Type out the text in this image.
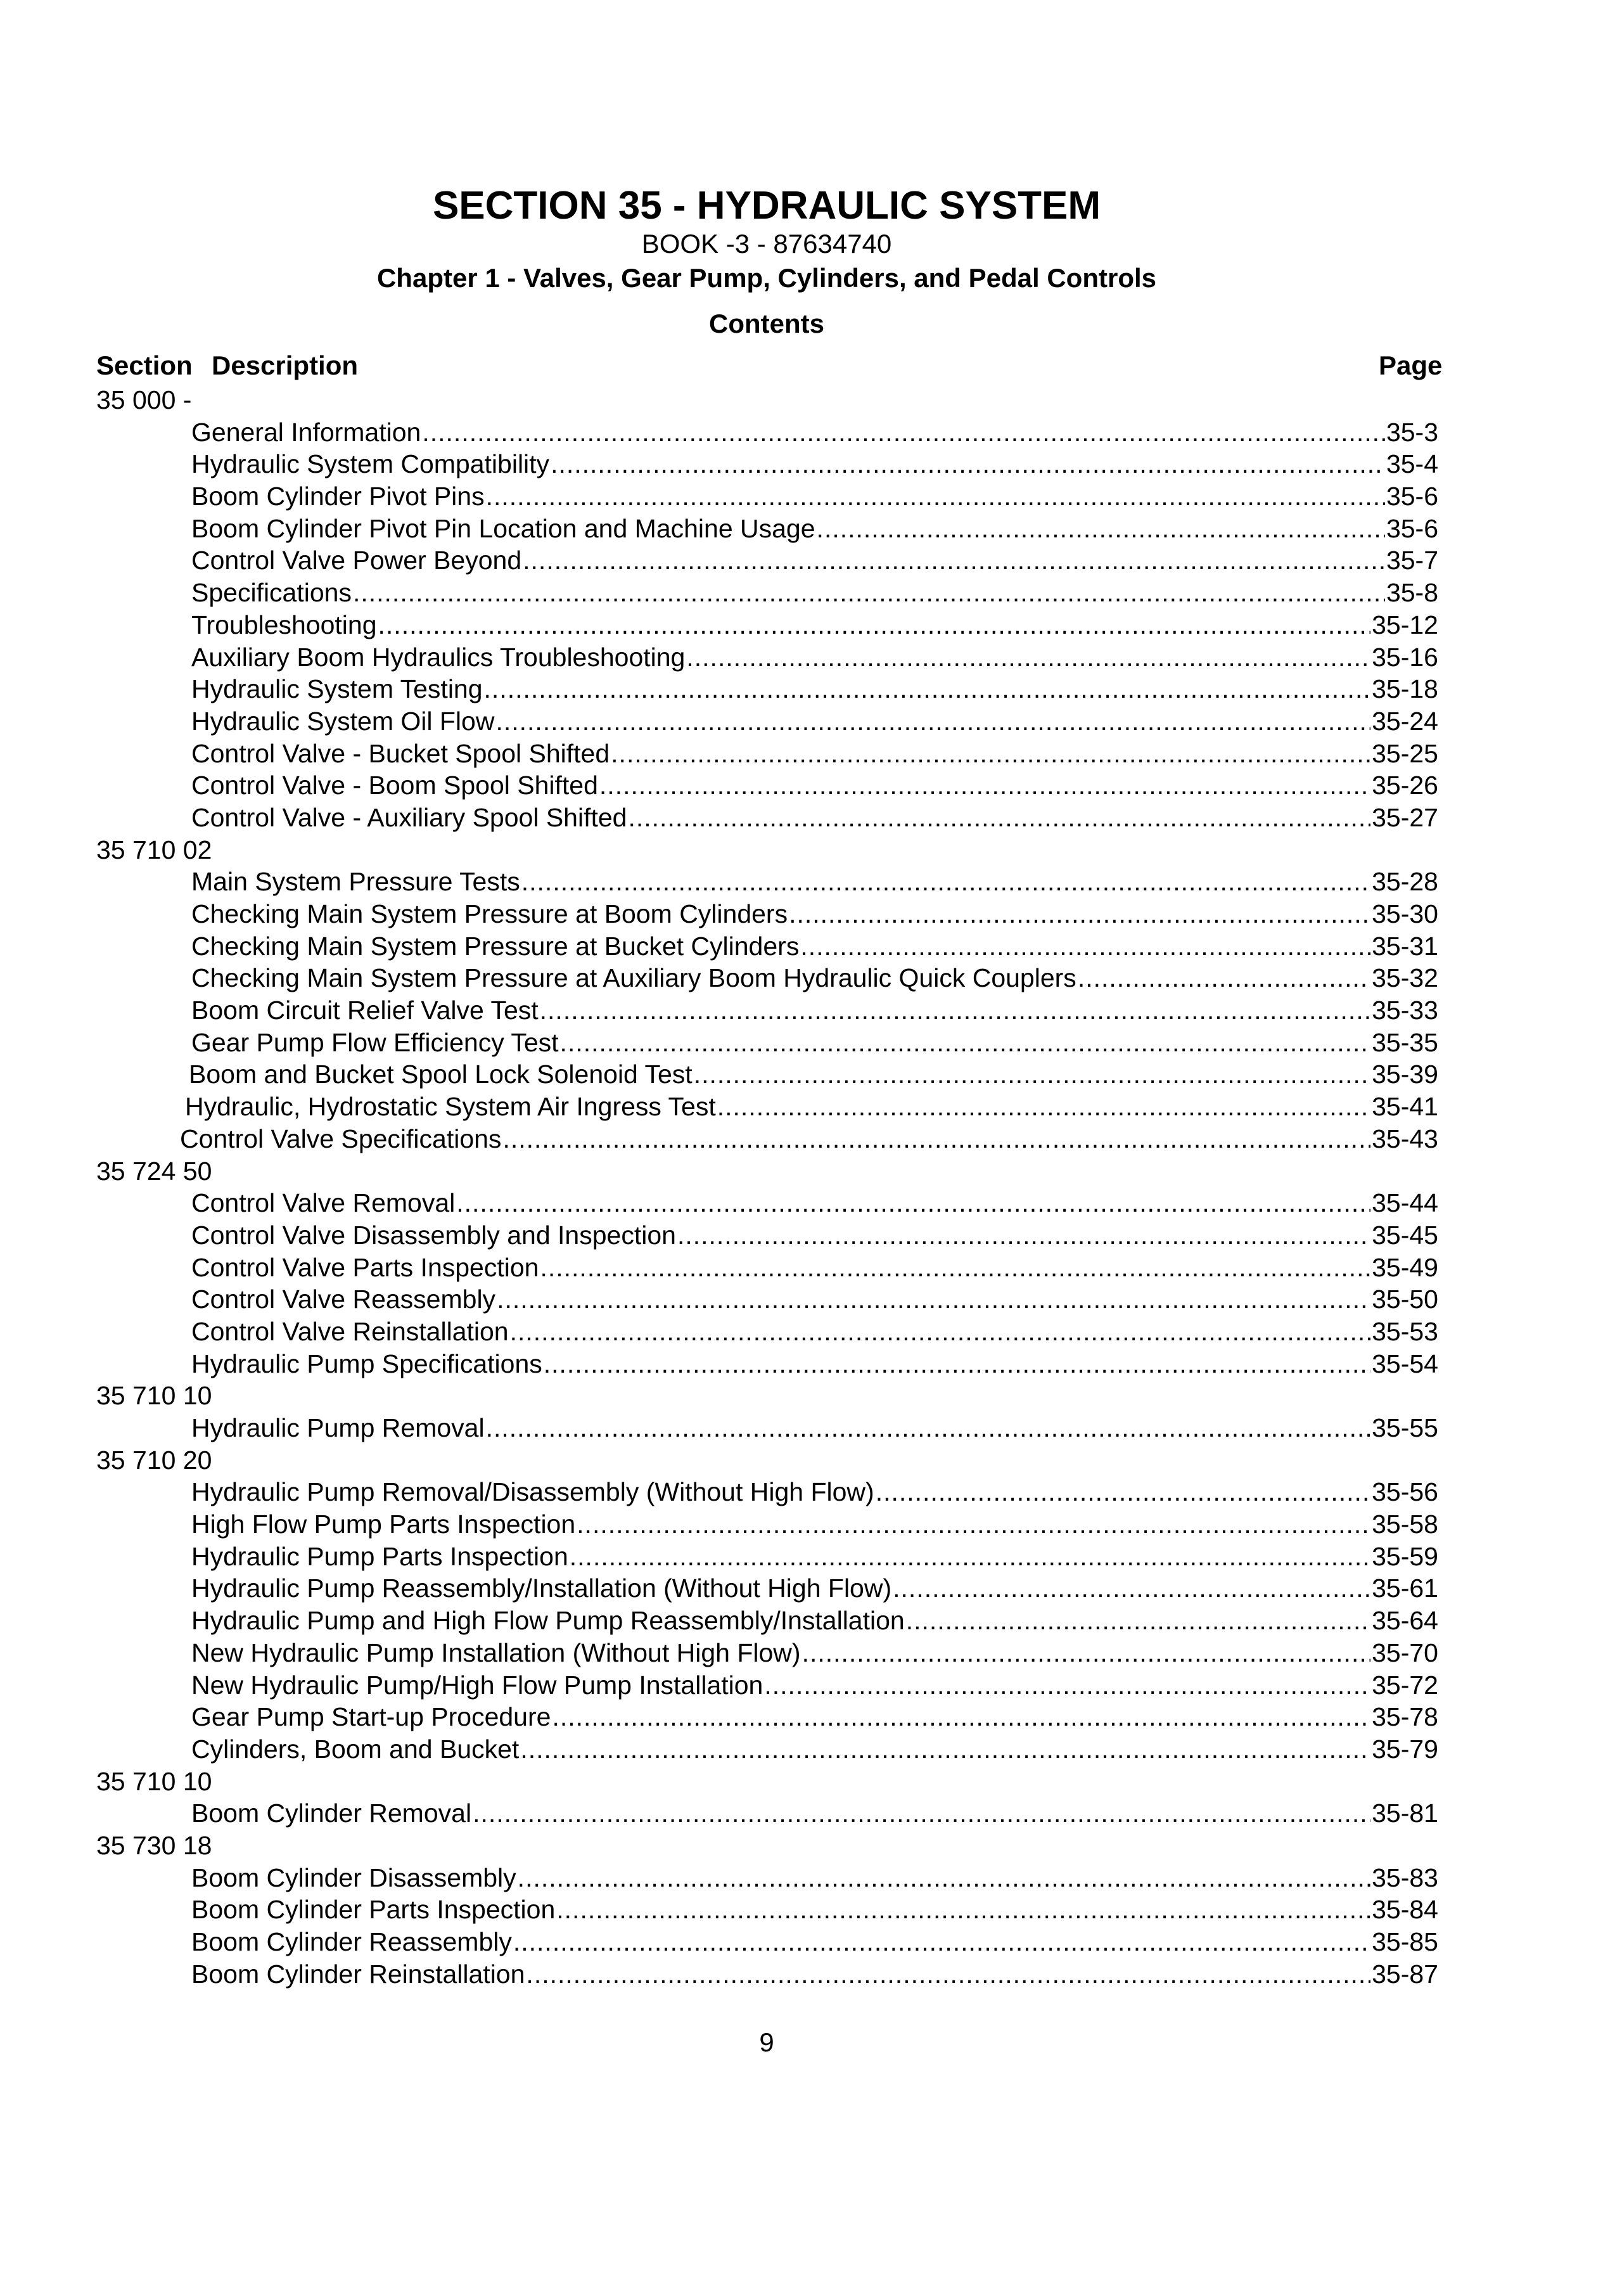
SECTION 35 - HYDRAULIC SYSTEM
BOOK -3 - 87634740
Chapter 1 - Valves, Gear Pump, Cylinders, and Pedal Controls
Contents
Section Description	Page
35 000 -
General Information .....	35-3
Hydraulic System Compatibility .....	35-4
Boom Cylinder Pivot Pins .....	35-6
Boom Cylinder Pivot Pin Location and Machine Usage .....	35-6
Control Valve Power Beyond .....	35-7
Specifications .....	35-8
Troubleshooting .....	35-12
Auxiliary Boom Hydraulics Troubleshooting .....	35-16
Hydraulic System Testing .....	35-18
Hydraulic System Oil Flow .....	35-24
Control Valve - Bucket Spool Shifted .....	35-25
Control Valve - Boom Spool Shifted .....	35-26
Control Valve - Auxiliary Spool Shifted .....	35-27
35 710 02
Main System Pressure Tests .....	35-28
Checking Main System Pressure at Boom Cylinders .....	35-30
Checking Main System Pressure at Bucket Cylinders .....	35-31
Checking Main System Pressure at Auxiliary Boom Hydraulic Quick Couplers .....	35-32
Boom Circuit Relief Valve Test .....	35-33
Gear Pump Flow Efficiency Test .....	35-35
Boom and Bucket Spool Lock Solenoid Test .....	35-39
Hydraulic, Hydrostatic System Air Ingress Test .....	35-41
Control Valve Specifications .....	35-43
35 724 50
Control Valve Removal .....	35-44
Control Valve Disassembly and Inspection .....	35-45
Control Valve Parts Inspection .....	35-49
Control Valve Reassembly .....	35-50
Control Valve Reinstallation .....	35-53
Hydraulic Pump Specifications .....	35-54
35 710 10
Hydraulic Pump Removal .....	35-55
35 710 20
Hydraulic Pump Removal/Disassembly (Without High Flow) .....	35-56
High Flow Pump Parts Inspection .....	35-58
Hydraulic Pump Parts Inspection .....	35-59
Hydraulic Pump Reassembly/Installation (Without High Flow) .....	35-61
Hydraulic Pump and High Flow Pump Reassembly/Installation .....	35-64
New Hydraulic Pump Installation (Without High Flow) .....	35-70
New Hydraulic Pump/High Flow Pump Installation .....	35-72
Gear Pump Start-up Procedure .....	35-78
Cylinders, Boom and Bucket .....	35-79
35 710 10
Boom Cylinder Removal .....	35-81
35 730 18
Boom Cylinder Disassembly .....	35-83
Boom Cylinder Parts Inspection .....	35-84
Boom Cylinder Reassembly .....	35-85
Boom Cylinder Reinstallation .....	35-87
9
